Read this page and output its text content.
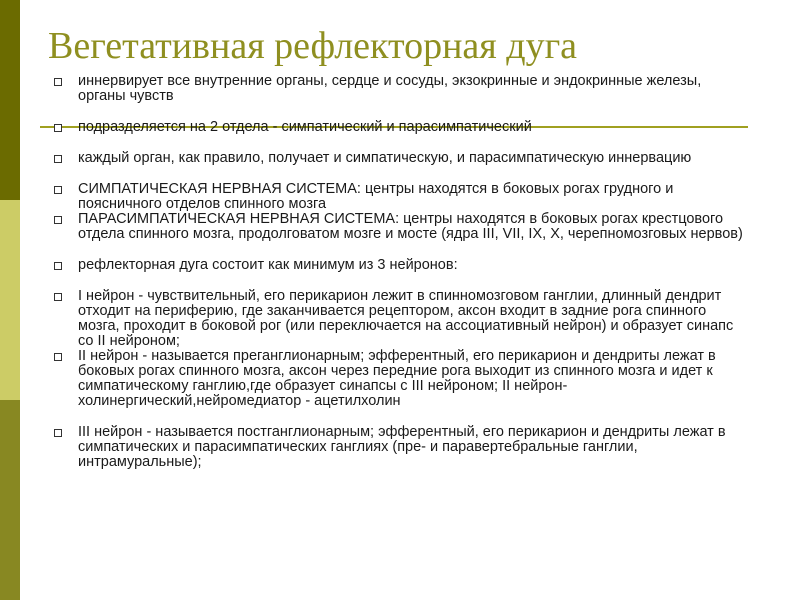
Вегетативная рефлекторная дуга
иннервирует все внутренние органы, сердце и сосуды, экзокринные и эндокринные железы, органы чувств
подразделяется на 2 отдела - симпатический и парасимпатический
каждый орган, как правило, получает и симпатическую, и парасимпатическую иннервацию
СИМПАТИЧЕСКАЯ НЕРВНАЯ СИСТЕМА: центры находятся в боковых рогах грудного и поясничного отделов спинного мозга
ПАРАСИМПАТИЧЕСКАЯ НЕРВНАЯ СИСТЕМА: центры находятся в боковых рогах крестцового отдела спинного мозга, продолговатом мозге и мосте (ядра III, VII, IX, X, черепномозговых нервов)
рефлекторная дуга состоит как минимум из 3 нейронов:
I нейрон - чувствительный, его перикарион лежит в спинномозговом ганглии, длинный дендрит отходит на периферию, где заканчивается рецептором, аксон входит в задние рога спинного мозга, проходит в боковой рог (или переключается на ассоциативный нейрон) и образует синапс со II нейроном;
II нейрон - называется преганглионарным; эфферентный, его перикарион и дендриты лежат в боковых рогах спинного мозга, аксон через передние рога выходит из спинного мозга и идет к симпатическому ганглию,где образует синапсы с III нейроном; II нейрон- холинергический,нейромедиатор - ацетилхолин
III нейрон - называется постганглионарным; эфферентный, его перикарион и дендриты лежат в симпатических и парасимпатических ганглиях (пре- и паравертебральные ганглии, интрамуральные);
